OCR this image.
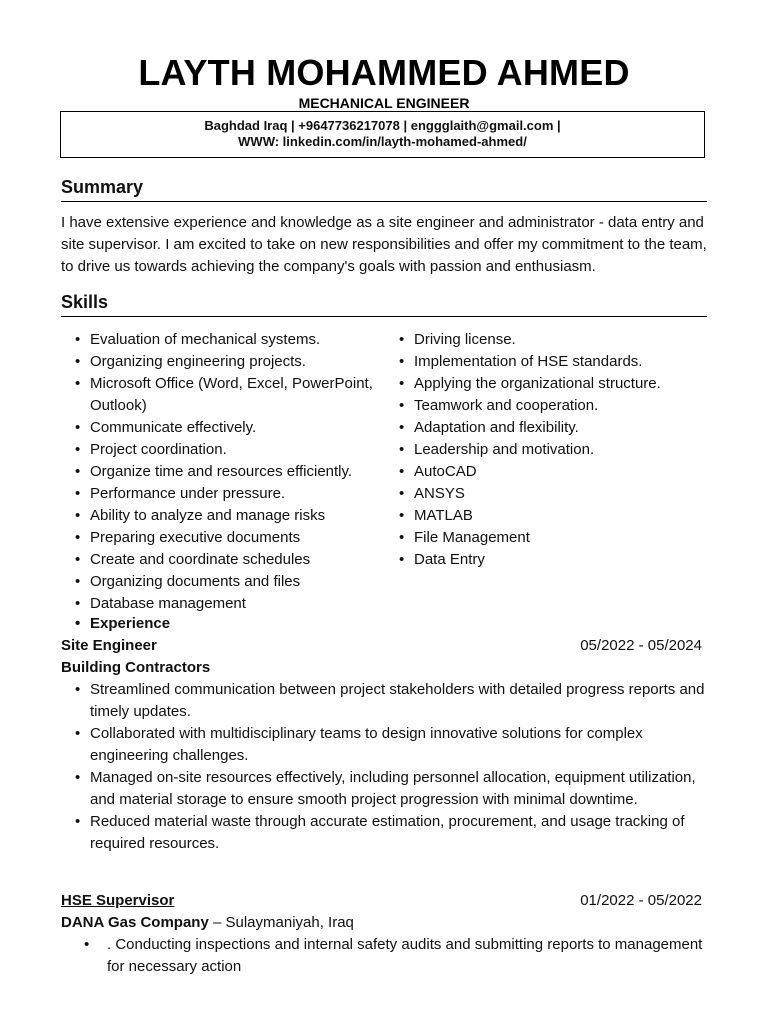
LAYTH MOHAMMED AHMED
MECHANICAL ENGINEER
Baghdad Iraq | +9647736217078 | enggglaith@gmail.com |
WWW: linkedin.com/in/layth-mohamed-ahmed/
Summary
I have extensive experience and knowledge as a site engineer and administrator - data entry and site supervisor. I am excited to take on new responsibilities and offer my commitment to the team, to drive us towards achieving the company's goals with passion and enthusiasm.
Skills
• Evaluation of mechanical systems.
• Organizing engineering projects.
• Microsoft Office (Word, Excel, PowerPoint, Outlook)
• Communicate effectively.
• Project coordination.
• Organize time and resources efficiently.
• Performance under pressure.
• Ability to analyze and manage risks
• Preparing executive documents
• Create and coordinate schedules
• Organizing documents and files
• Database management
• Driving license.
• Implementation of HSE standards.
• Applying the organizational structure.
• Teamwork and cooperation.
• Adaptation and flexibility.
• Leadership and motivation.
• AutoCAD
• ANSYS
• MATLAB
• File Management
• Data Entry
• Experience
Site Engineer	05/2022 - 05/2024
Building Contractors
• Streamlined communication between project stakeholders with detailed progress reports and timely updates.
• Collaborated with multidisciplinary teams to design innovative solutions for complex engineering challenges.
• Managed on-site resources effectively, including personnel allocation, equipment utilization, and material storage to ensure smooth project progression with minimal downtime.
• Reduced material waste through accurate estimation, procurement, and usage tracking of required resources.
HSE Supervisor	01/2022 - 05/2022
DANA Gas Company – Sulaymaniyah, Iraq
• . Conducting inspections and internal safety audits and submitting reports to management for necessary action
